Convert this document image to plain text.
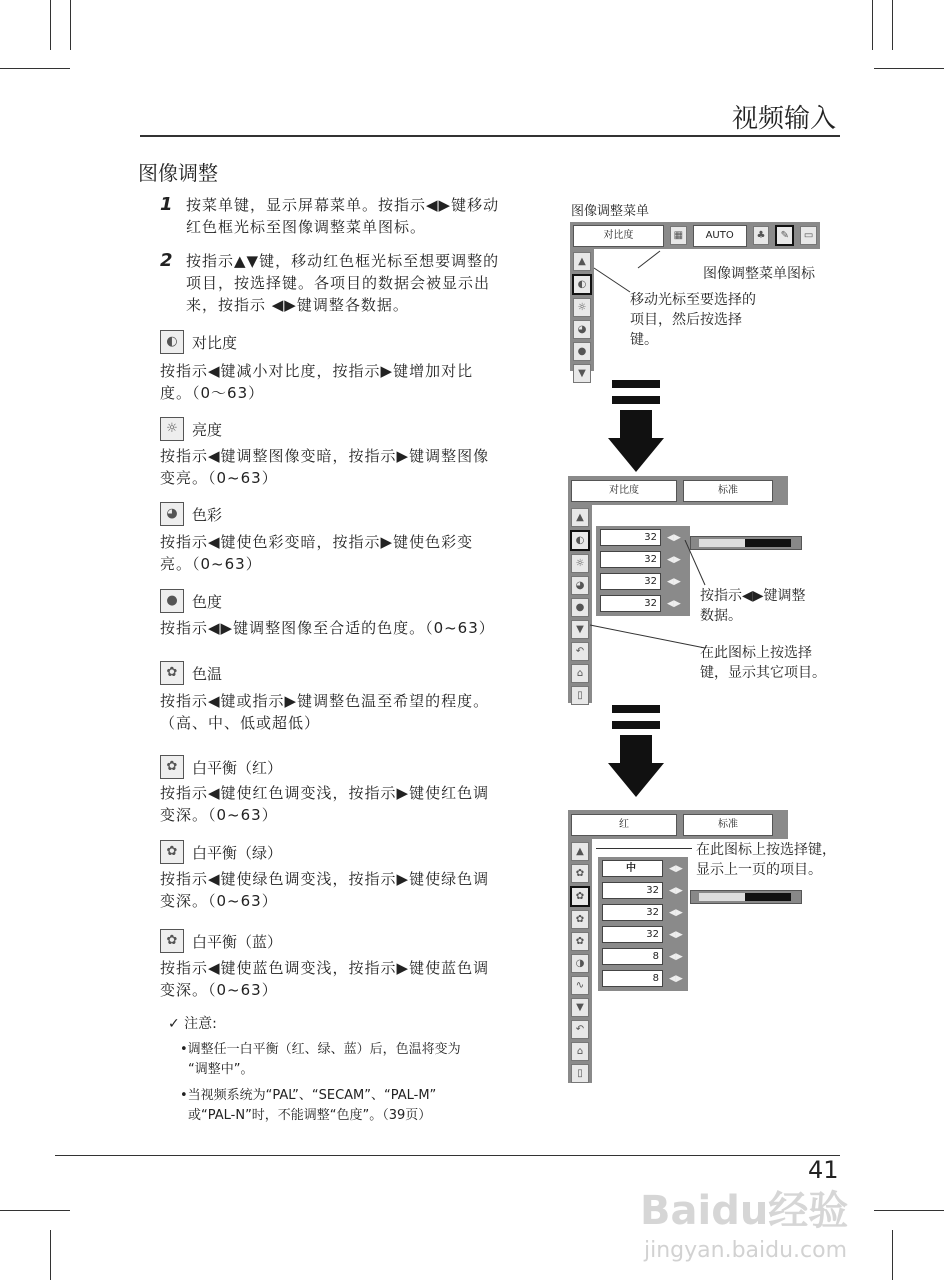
视频输入
图像调整
1 按菜单键，显示屏幕菜单。按指示◀▶键移动
红色框光标至图像调整菜单图标。
2 按指示▲▼键，移动红色框光标至想要调整的
项目，按选择键。各项目的数据会被显示出
来，按指示 ◀▶键调整各数据。
◐ 对比度
按指示◀键减小对比度，按指示▶键增加对比
度。（0～63）
☼ 亮度
按指示◀键调整图像变暗，按指示▶键调整图像
变亮。（0~63）
◕ 色彩
按指示◀键使色彩变暗，按指示▶键使色彩变
亮。（0~63）
● 色度
按指示◀▶键调整图像至合适的色度。（0~63）
✿ 色温
按指示◀键或指示▶键调整色温至希望的程度。
（高、中、低或超低）
✿ 白平衡（红）
按指示◀键使红色调变浅，按指示▶键使红色调
变深。（0~63）
✿ 白平衡（绿）
按指示◀键使绿色调变浅，按指示▶键使绿色调
变深。（0~63）
✿ 白平衡（蓝）
按指示◀键使蓝色调变浅，按指示▶键使蓝色调
变深。（0~63）
✓ 注意:
•调整任一白平衡（红、绿、蓝）后，色温将变为
“调整中”。
•当视频系统为“PAL”、“SECAM”、“PAL-M”
或“PAL-N”时，不能调整“色度”。（39页）
图像调整菜单
对比度	▦	AUTO	♣	✎	▭
▲
◐
☼
◕
●
▼
图像调整菜单图标
移动光标至要选择的
项目，然后按选择
键。
对比度	标准
▲
◐
☼
◕
●
▼
↶
⌂
▯
32	◀▶
32	◀▶
32	◀▶
32	◀▶ 按指示◀▶键调整
数据。
在此图标上按选择
键，显示其它项目。
红	标准
▲
✿
✿
✿
✿
◑
∿
▼
↶
⌂
▯
中	◀▶
32	◀▶
32	◀▶
32	◀▶
8	◀▶
8	◀▶
在此图标上按选择键，
显示上一页的项目。
41
Baidu经验
jingyan.baidu.com
